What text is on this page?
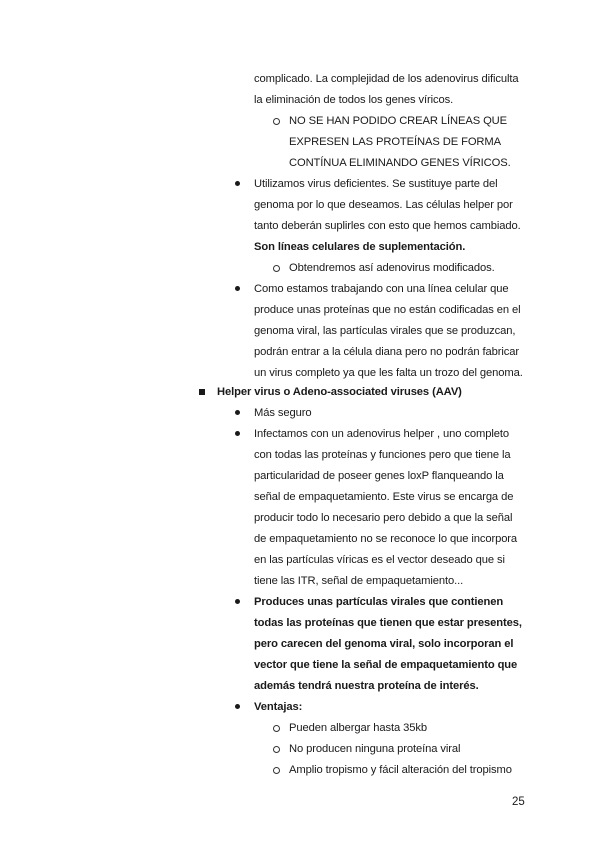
complicado. La complejidad de los adenovirus dificulta
la eliminación de todos los genes víricos.
NO SE HAN PODIDO CREAR LÍNEAS QUE
EXPRESEN LAS PROTEÍNAS DE FORMA
CONTÍNUA ELIMINANDO GENES VÍRICOS.
Utilizamos virus deficientes. Se sustituye parte del
genoma por lo que deseamos. Las células helper por
tanto deberán suplirles con esto que hemos cambiado.
Son líneas celulares de suplementación.
Obtendremos así adenovirus modificados.
Como estamos trabajando con una línea celular que
produce unas proteínas que no están codificadas en el
genoma viral, las partículas virales que se produzcan,
podrán entrar a la célula diana pero no podrán fabricar
un virus completo ya que les falta un trozo del genoma.
Helper virus o Adeno-associated viruses (AAV)
Más seguro
Infectamos con un adenovirus helper , uno completo
con todas las proteínas y funciones pero que tiene la
particularidad de poseer genes loxP flanqueando la
señal de empaquetamiento. Este virus se encarga de
producir todo lo necesario pero debido a que la señal
de empaquetamiento no se reconoce lo que incorpora
en las partículas víricas es el vector deseado que si
tiene las ITR, señal de empaquetamiento...
Produces unas partículas virales que contienen
todas las proteínas que tienen que estar presentes,
pero carecen del genoma viral, solo incorporan el
vector que tiene la señal de empaquetamiento que
además tendrá nuestra proteína de interés.
Ventajas:
Pueden albergar hasta 35kb
No producen ninguna proteína viral
Amplio tropismo y fácil alteración del tropismo
25
